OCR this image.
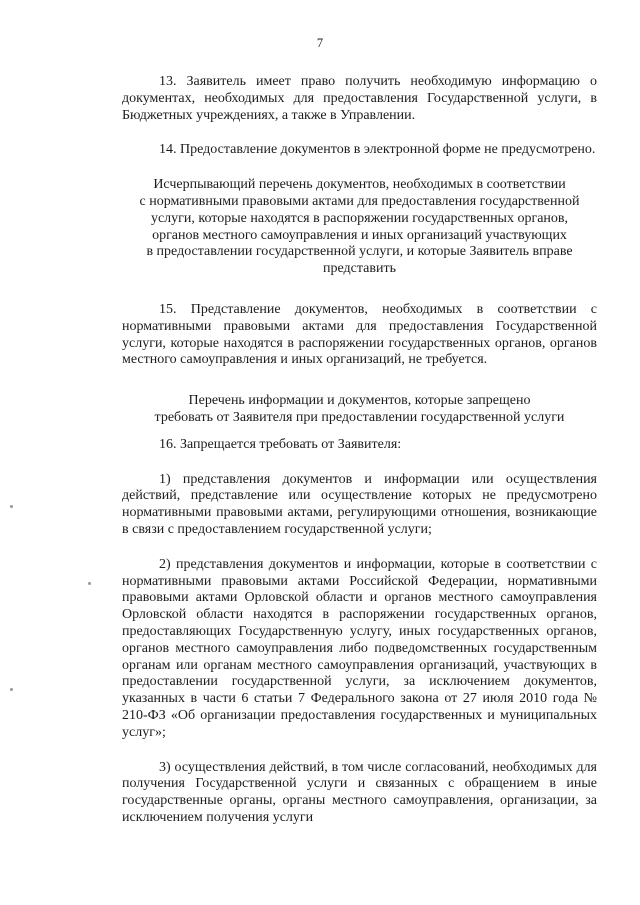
7

13. Заявитель имеет право получить необходимую информацию о документах, необходимых для предоставления Государственной услуги, в Бюджетных учреждениях, а также в Управлении.

14. Предоставление документов в электронной форме не предусмотрено.

Исчерпывающий перечень документов, необходимых в соответствии
с нормативными правовыми актами для предоставления государственной
услуги, которые находятся в распоряжении государственных органов,
органов местного самоуправления и иных организаций участвующих
в предоставлении государственной услуги, и которые Заявитель вправе
представить

15. Представление документов, необходимых в соответствии с нормативными правовыми актами для предоставления Государственной услуги, которые находятся в распоряжении государственных органов, органов местного самоуправления и иных организаций, не требуется.

Перечень информации и документов, которые запрещено
требовать от Заявителя при предоставлении государственной услуги

16. Запрещается требовать от Заявителя:

1) представления документов и информации или осуществления действий, представление или осуществление которых не предусмотрено нормативными правовыми актами, регулирующими отношения, возникающие в связи с предоставлением государственной услуги;

2) представления документов и информации, которые в соответствии с нормативными правовыми актами Российской Федерации, нормативными правовыми актами Орловской области и органов местного самоуправления Орловской области находятся в распоряжении государственных органов, предоставляющих Государственную услугу, иных государственных органов, органов местного самоуправления либо подведомственных государственным органам или органам местного самоуправления организаций, участвующих в предоставлении государственной услуги, за исключением документов, указанных в части 6 статьи 7 Федерального закона от 27 июля 2010 года № 210-ФЗ «Об организации предоставления государственных и муниципальных услуг»;

3) осуществления действий, в том числе согласований, необходимых для получения Государственной услуги и связанных с обращением в иные государственные органы, органы местного самоуправления, организации, за исключением получения услуги
